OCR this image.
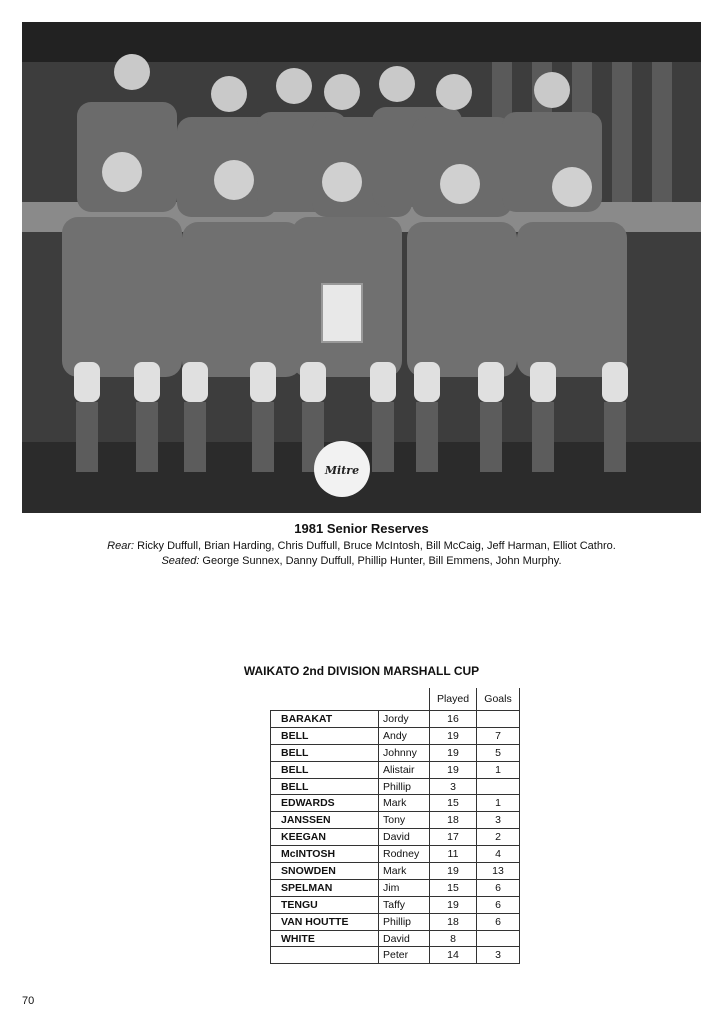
Mitre
1981 Senior Reserves
Rear: Ricky Duffull, Brian Harding, Chris Duffull, Bruce McIntosh, Bill McCaig, Jeff Harman, Elliot Cathro.
Seated: George Sunnex, Danny Duffull, Phillip Hunter, Bill Emmens, John Murphy.
WAIKATO 2nd DIVISION MARSHALL CUP
		Played	Goals
BARAKAT	Jordy	16	
BELL	Andy	19	7
BELL	Johnny	19	5
BELL	Alistair	19	1
BELL	Phillip	3	
EDWARDS	Mark	15	1
JANSSEN	Tony	18	3
KEEGAN	David	17	2
McINTOSH	Rodney	11	4
SNOWDEN	Mark	19	13
SPELMAN	Jim	15	6
TENGU	Taffy	19	6
VAN HOUTTE	Phillip	18	6
WHITE	David	8	
	Peter	14	3
70
